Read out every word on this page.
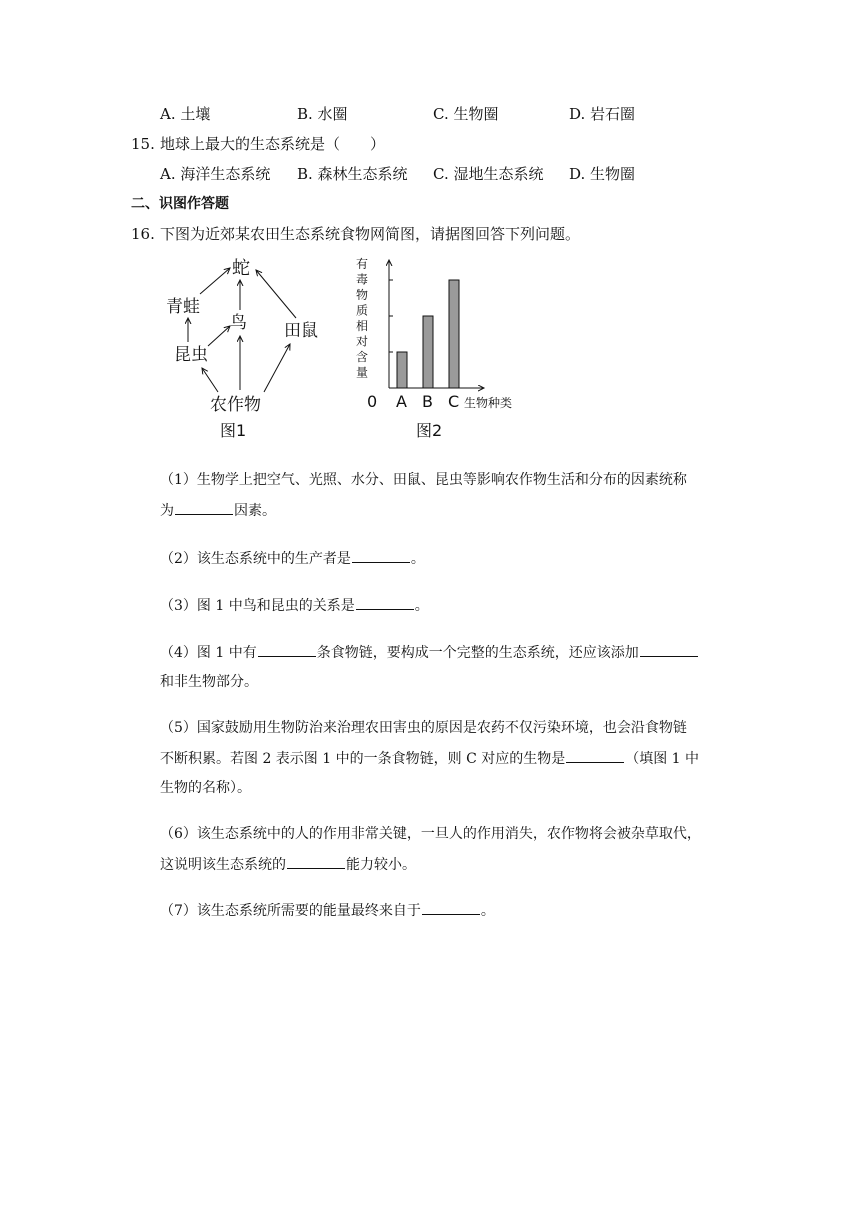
A. 土壤	B. 水圈	C. 生物圈	D. 岩石圈
15. 地球上最大的生态系统是（　　）
A. 海洋生态系统 B. 森林生态系统 C. 湿地生态系统 D. 生物圈
二、识图作答题
16. 下图为近郊某农田生态系统食物网简图，请据图回答下列问题。
蛇
青蛙
鸟 田鼠
昆虫
农作物
图1
有
毒
物
质
相
对
含
量
A B C
0	生物种类
图2
（1）生物学上把空气、光照、水分、田鼠、昆虫等影响农作物生活和分布的因素统称
为	因素。
（2）该生态系统中的生产者是	。
（3）图 1 中鸟和昆虫的关系是	。
（4）图 1 中有	条食物链，要构成一个完整的生态系统，还应该添加
和非生物部分。
（5）国家鼓励用生物防治来治理农田害虫的原因是农药不仅污染环境，也会沿食物链
不断积累。若图 2 表示图 1 中的一条食物链，则 C 对应的生物是	（填图 1 中
生物的名称）。
（6）该生态系统中的人的作用非常关键，一旦人的作用消失，农作物将会被杂草取代，
这说明该生态系统的	能力较小。
（7）该生态系统所需要的能量最终来自于	。
